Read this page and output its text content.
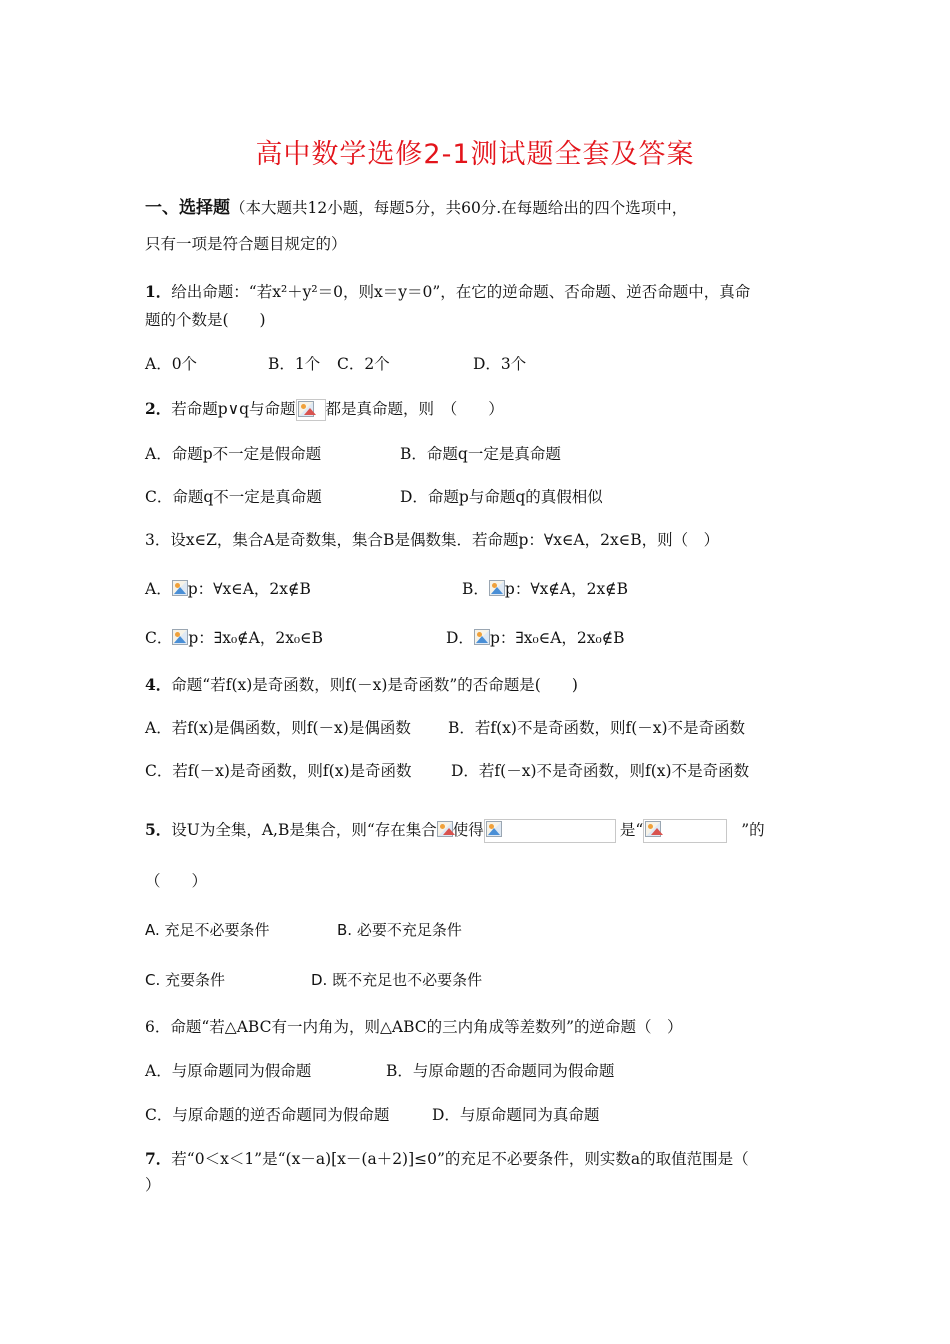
高中数学选修2-1测试题全套及答案
一、选择题（本大题共12小题，每题5分，共60分.在每题给出的四个选项中，
只有一项是符合题目规定的）
1．给出命题：“若x²＋y²＝0，则x＝y＝0”，在它的逆命题、否命题、逆否命题中，真命
题的个数是(　　)
A．0个	B．1个 C．2个	D．3个
2．若命题p∨q与命题 都是真命题，则　（　　）
A．命题p不一定是假命题	B．命题q一定是真命题
C．命题q不一定是真命题	D．命题p与命题q的真假相似
3．设x∈Z，集合A是奇数集，集合B是偶数集．若命题p：∀x∈A，2x∈B，则（　）
A． p：∀x∈A，2x∉B	B． p：∀x∉A，2x∉B
C． p：∃x₀∉A，2x₀∈B	D． p：∃x₀∈A，2x₀∉B
4．命题“若f(x)是奇函数，则f(－x)是奇函数”的否命题是(　　)
A．若f(x)是偶函数，则f(－x)是偶函数 B．若f(x)不是奇函数，则f(－x)不是奇函数
C．若f(－x)是奇函数，则f(x)是奇函数	D．若f(－x)不是奇函数，则f(x)不是奇函数
5．设U为全集，A,B是集合，则“存在集合 使得	是“	”的
（　　）
A. 充足不必要条件	B. 必要不充足条件
C. 充要条件	D. 既不充足也不必要条件
6．命题“若△ABC有一内角为，则△ABC的三内角成等差数列”的逆命题（　）
A．与原命题同为假命题	B．与原命题的否命题同为假命题
C．与原命题的逆否命题同为假命题	D．与原命题同为真命题
7．若“0＜x＜1”是“(x－a)[x－(a＋2)]≤0”的充足不必要条件，则实数a的取值范围是（
）
